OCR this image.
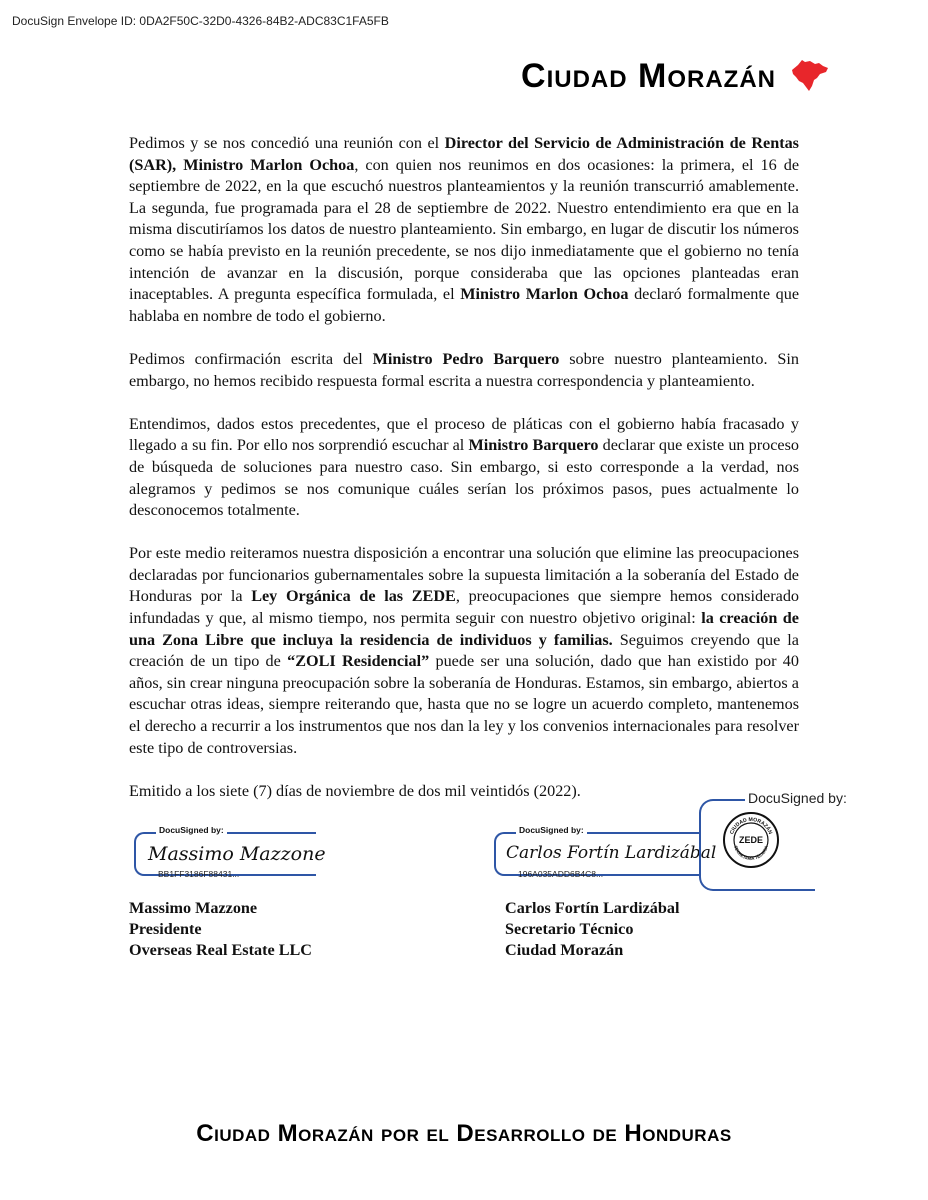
DocuSign Envelope ID: 0DA2F50C-32D0-4326-84B2-ADC83C1FA5FB
Ciudad Morazán

Pedimos y se nos concedió una reunión con el Director del Servicio de Administración de Rentas (SAR), Ministro Marlon Ochoa, con quien nos reunimos en dos ocasiones: la primera, el 16 de septiembre de 2022, en la que escuchó nuestros planteamientos y la reunión transcurrió amablemente. La segunda, fue programada para el 28 de septiembre de 2022. Nuestro entendimiento era que en la misma discutiríamos los datos de nuestro planteamiento. Sin embargo, en lugar de discutir los números como se había previsto en la reunión precedente, se nos dijo inmediatamente que el gobierno no tenía intención de avanzar en la discusión, porque consideraba que las opciones planteadas eran inaceptables. A pregunta específica formulada, el Ministro Marlon Ochoa declaró formalmente que hablaba en nombre de todo el gobierno.

Pedimos confirmación escrita del Ministro Pedro Barquero sobre nuestro planteamiento. Sin embargo, no hemos recibido respuesta formal escrita a nuestra correspondencia y planteamiento.

Entendimos, dados estos precedentes, que el proceso de pláticas con el gobierno había fracasado y llegado a su fin. Por ello nos sorprendió escuchar al Ministro Barquero declarar que existe un proceso de búsqueda de soluciones para nuestro caso. Sin embargo, si esto corresponde a la verdad, nos alegramos y pedimos se nos comunique cuáles serían los próximos pasos, pues actualmente lo desconocemos totalmente.

Por este medio reiteramos nuestra disposición a encontrar una solución que elimine las preocupaciones declaradas por funcionarios gubernamentales sobre la supuesta limitación a la soberanía del Estado de Honduras por la Ley Orgánica de las ZEDE, preocupaciones que siempre hemos considerado infundadas y que, al mismo tiempo, nos permita seguir con nuestro objetivo original: la creación de una Zona Libre que incluya la residencia de individuos y familias. Seguimos creyendo que la creación de un tipo de “ZOLI Residencial” puede ser una solución, dado que han existido por 40 años, sin crear ninguna preocupación sobre la soberanía de Honduras. Estamos, sin embargo, abiertos a escuchar otras ideas, siempre reiterando que, hasta que no se logre un acuerdo completo, mantenemos el derecho a recurrir a los instrumentos que nos dan la ley y los convenios internacionales para resolver este tipo de controversias.

Emitido a los siete (7) días de noviembre de dos mil veintidós (2022).

DocuSigned by:
Massimo Mazzone
BB1FF3186F88431...
DocuSigned by:
Carlos Fortín Lardizábal
196A035ADD6B4C8...
DocuSigned by:
CIUDAD MORAZÁN
ZEDE
SECRETARÍA TÉCNICA
Massimo Mazzone
Presidente
Overseas Real Estate LLC
Carlos Fortín Lardizábal
Secretario Técnico
Ciudad Morazán
Ciudad Morazán por el Desarrollo de Honduras
